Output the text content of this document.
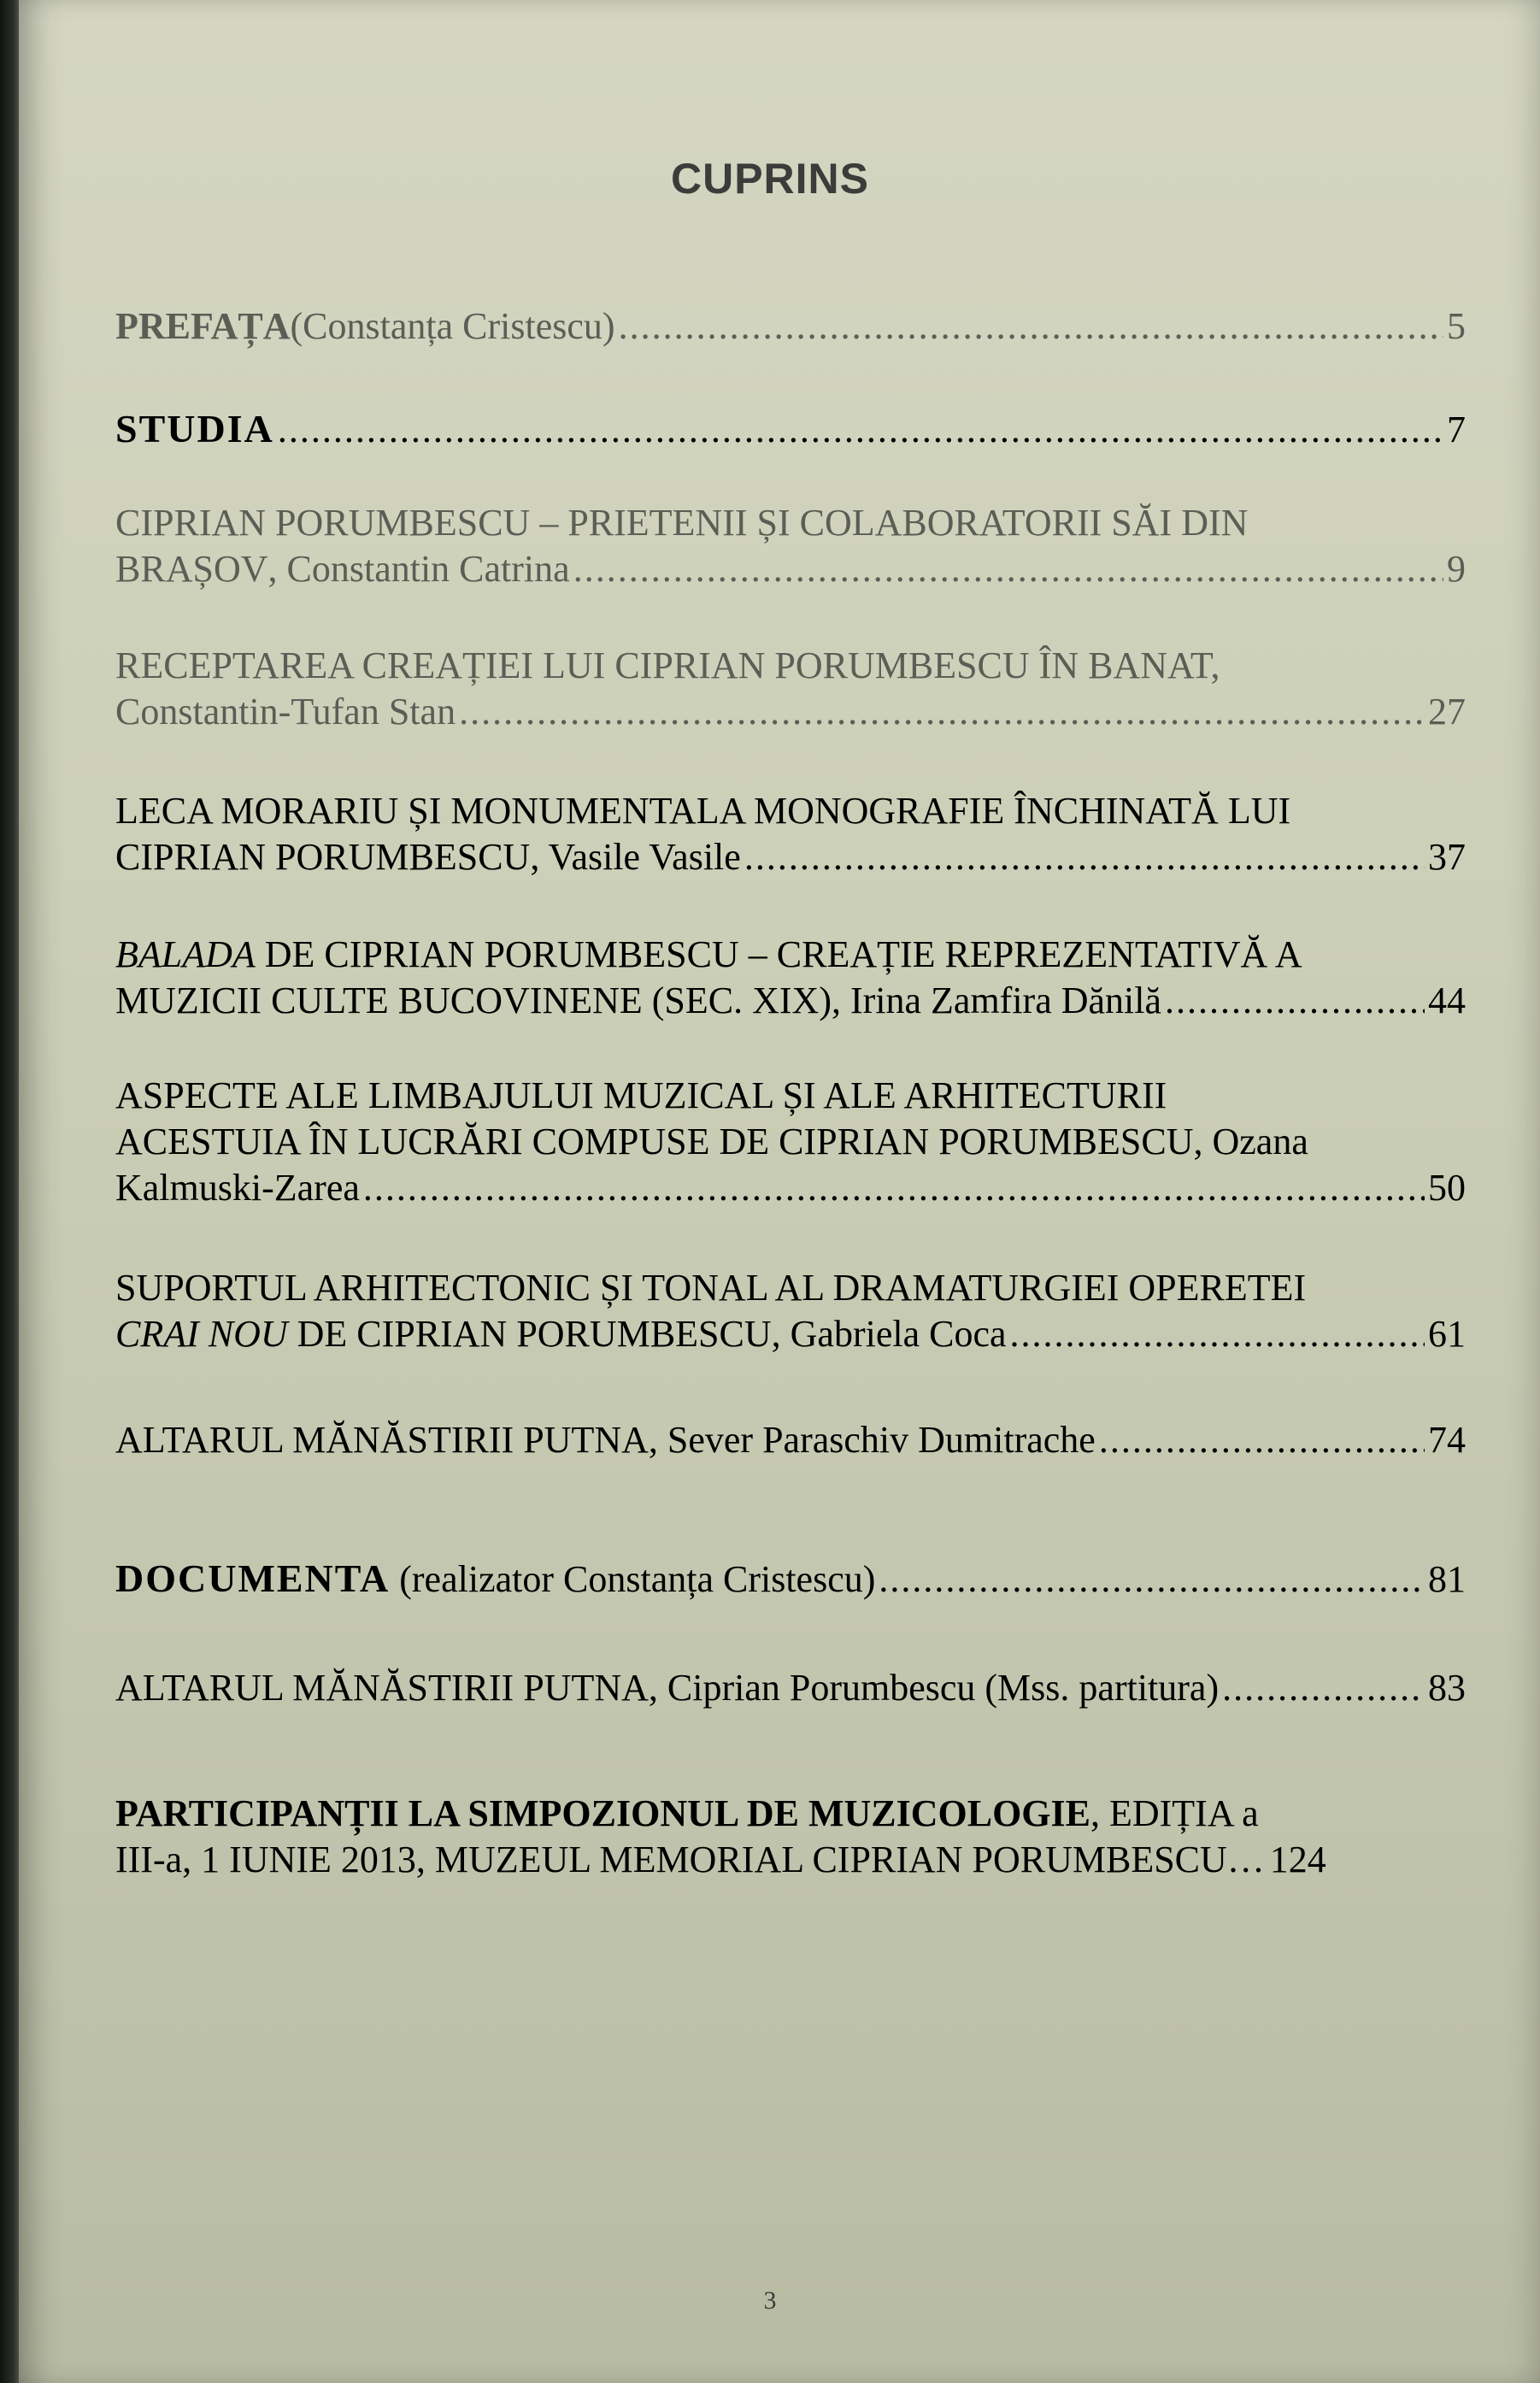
CUPRINS
PREFAȚA (Constanța Cristescu) .....	5
STUDIA .....	7
CIPRIAN PORUMBESCU – PRIETENII ȘI COLABORATORII SĂI DIN
BRAȘOV , Constantin Catrina .....	9
RECEPTAREA CREAȚIEI LUI CIPRIAN PORUMBESCU ÎN BANAT,
Constantin-Tufan Stan .....	27
LECA MORARIU ȘI MONUMENTALA MONOGRAFIE ÎNCHINATĂ LUI
CIPRIAN PORUMBESCU , Vasile Vasile .....	37
BALADA DE CIPRIAN PORUMBESCU – CREAȚIE REPREZENTATIVĂ A
MUZICII CULTE BUCOVINENE (SEC. XIX) , Irina Zamfira Dănilă .....	44
ASPECTE ALE LIMBAJULUI MUZICAL ȘI ALE ARHITECTURII
ACESTUIA ÎN LUCRĂRI COMPUSE DE CIPRIAN PORUMBESCU, Ozana
Kalmuski-Zarea .....	50
SUPORTUL ARHITECTONIC ȘI TONAL AL DRAMATURGIEI OPERETEI
CRAI NOU DE CIPRIAN PORUMBESCU , Gabriela Coca .....	61
ALTARUL MĂNĂSTIRII PUTNA , Sever Paraschiv Dumitrache .....	74
DOCUMENTA (realizator Constanța Cristescu) .....	81
ALTARUL MĂNĂSTIRII PUTNA , Ciprian Porumbescu (Mss. partitura) .....	83
PARTICIPANȚII LA SIMPOZIONUL DE MUZICOLOGIE , EDIȚIA a
III-a, 1 IUNIE 2013, MUZEUL MEMORIAL CIPRIAN PORUMBESCU… 124
3
